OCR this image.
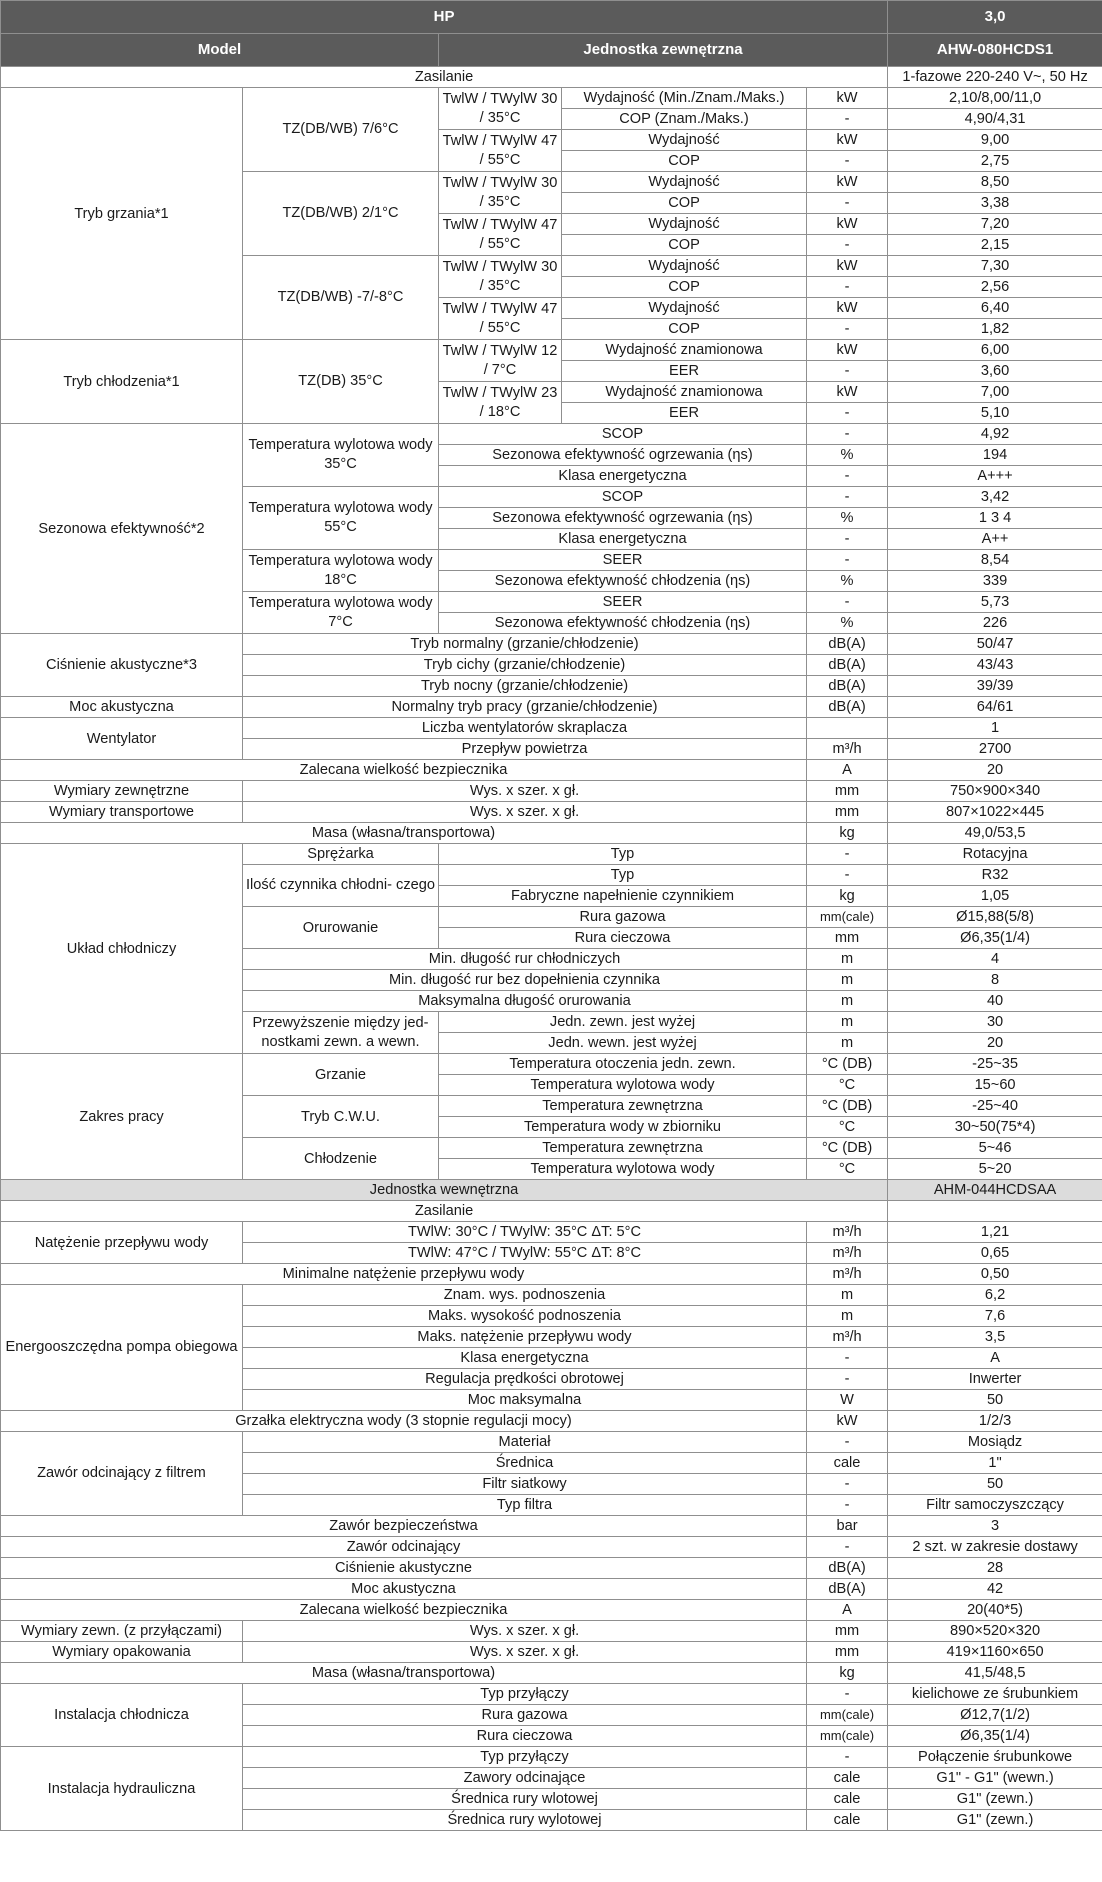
HP					3,0
Model		Jednostka zewnętrzna			AHW-080HCDS1
Zasilanie					1-fazowe 220-240 V~, 50 Hz
Tryb grzania*1	TZ(DB/WB) 7/6°C	TwlW / TWylW 30 / 35°C	Wydajność (Min./Znam./Maks.)	kW	2,10/8,00/11,0
			COP (Znam./Maks.)	-	4,90/4,31
		TwlW / TWylW 47 / 55°C	Wydajność	kW	9,00
			COP	-	2,75
	TZ(DB/WB) 2/1°C	TwlW / TWylW 30 / 35°C	Wydajność	kW	8,50
			COP	-	3,38
		TwlW / TWylW 47 / 55°C	Wydajność	kW	7,20
			COP	-	2,15
	TZ(DB/WB) -7/-8°C	TwlW / TWylW 30 / 35°C	Wydajność	kW	7,30
			COP	-	2,56
		TwlW / TWylW 47 / 55°C	Wydajność	kW	6,40
			COP	-	1,82
Tryb chłodzenia*1	TZ(DB) 35°C	TwlW / TWylW 12 / 7°C	Wydajność znamionowa	kW	6,00
			EER	-	3,60
		TwlW / TWylW 23 / 18°C	Wydajność znamionowa	kW	7,00
			EER	-	5,10
Sezonowa efektywność*2	Temperatura wylotowa wody 35°C	SCOP		-	4,92
		Sezonowa efektywność ogrzewania (ηs)		%	194
		Klasa energetyczna		-	A+++
	Temperatura wylotowa wody 55°C	SCOP		-	3,42
		Sezonowa efektywność ogrzewania (ηs)		%	1 3 4
		Klasa energetyczna		-	A++
	Temperatura wylotowa wody 18°C	SEER		-	8,54
		Sezonowa efektywność chłodzenia (ηs)		%	339
	Temperatura wylotowa wody 7°C	SEER		-	5,73
		Sezonowa efektywność chłodzenia (ηs)		%	226
Ciśnienie akustyczne*3	Tryb normalny (grzanie/chłodzenie)			dB(A)	50/47
	Tryb cichy (grzanie/chłodzenie)			dB(A)	43/43
	Tryb nocny (grzanie/chłodzenie)			dB(A)	39/39
Moc akustyczna	Normalny tryb pracy (grzanie/chłodzenie)			dB(A)	64/61
Wentylator	Liczba wentylatorów skraplacza				1
	Przepływ powietrza			m³/h	2700
Zalecana wielkość bezpiecznika				A	20
Wymiary zewnętrzne	Wys. x szer. x gł.			mm	750×900×340
Wymiary transportowe	Wys. x szer. x gł.			mm	807×1022×445
Masa (własna/transportowa)				kg	49,0/53,5
Układ chłodniczy	Sprężarka	Typ		-	Rotacyjna
	Ilość czynnika chłodni- czego	Typ		-	R32
		Fabryczne napełnienie czynnikiem		kg	1,05
	Orurowanie	Rura gazowa		mm(cale)	Ø15,88(5/8)
		Rura cieczowa		mm	Ø6,35(1/4)
	Min. długość rur chłodniczych			m	4
	Min. długość rur bez dopełnienia czynnika			m	8
	Maksymalna długość orurowania			m	40
	Przewyższenie między jed- nostkami zewn. a wewn.	Jedn. zewn. jest wyżej		m	30
		Jedn. wewn. jest wyżej		m	20
Zakres pracy	Grzanie	Temperatura otoczenia jedn. zewn.		°C (DB)	-25~35
		Temperatura wylotowa wody		°C	15~60
	Tryb C.W.U.	Temperatura zewnętrzna		°C (DB)	-25~40
		Temperatura wody w zbiorniku		°C	30~50(75*4)
	Chłodzenie	Temperatura zewnętrzna		°C (DB)	5~46
		Temperatura wylotowa wody		°C	5~20
Jednostka wewnętrzna					AHM-044HCDSAA
Zasilanie					
Natężenie przepływu wody	TWlW: 30°C / TWylW: 35°C ΔT: 5°C			m³/h	1,21
	TWlW: 47°C / TWylW: 55°C ΔT: 8°C			m³/h	0,65
Minimalne natężenie przepływu wody				m³/h	0,50
Energooszczędna pompa obiegowa	Znam. wys. podnoszenia			m	6,2
	Maks. wysokość podnoszenia			m	7,6
	Maks. natężenie przepływu wody			m³/h	3,5
	Klasa energetyczna			-	A
	Regulacja prędkości obrotowej			-	Inwerter
	Moc maksymalna			W	50
Grzałka elektryczna wody (3 stopnie regulacji mocy)				kW	1/2/3
Zawór odcinający z filtrem	Materiał			-	Mosiądz
	Średnica			cale	1"
	Filtr siatkowy			-	50
	Typ filtra			-	Filtr samoczyszczący
Zawór bezpieczeństwa				bar	3
Zawór odcinający				-	2 szt. w zakresie dostawy
Ciśnienie akustyczne				dB(A)	28
Moc akustyczna				dB(A)	42
Zalecana wielkość bezpiecznika				A	20(40*5)
Wymiary zewn. (z przyłączami)	Wys. x szer. x gł.			mm	890×520×320
Wymiary opakowania	Wys. x szer. x gł.			mm	419×1160×650
Masa (własna/transportowa)				kg	41,5/48,5
Instalacja chłodnicza	Typ przyłączy			-	kielichowe ze śrubunkiem
	Rura gazowa			mm(cale)	Ø12,7(1/2)
	Rura cieczowa			mm(cale)	Ø6,35(1/4)
Instalacja hydrauliczna	Typ przyłączy			-	Połączenie śrubunkowe
	Zawory odcinające			cale	G1" - G1" (wewn.)
	Średnica rury wlotowej			cale	G1" (zewn.)
	Średnica rury wylotowej			cale	G1" (zewn.)
